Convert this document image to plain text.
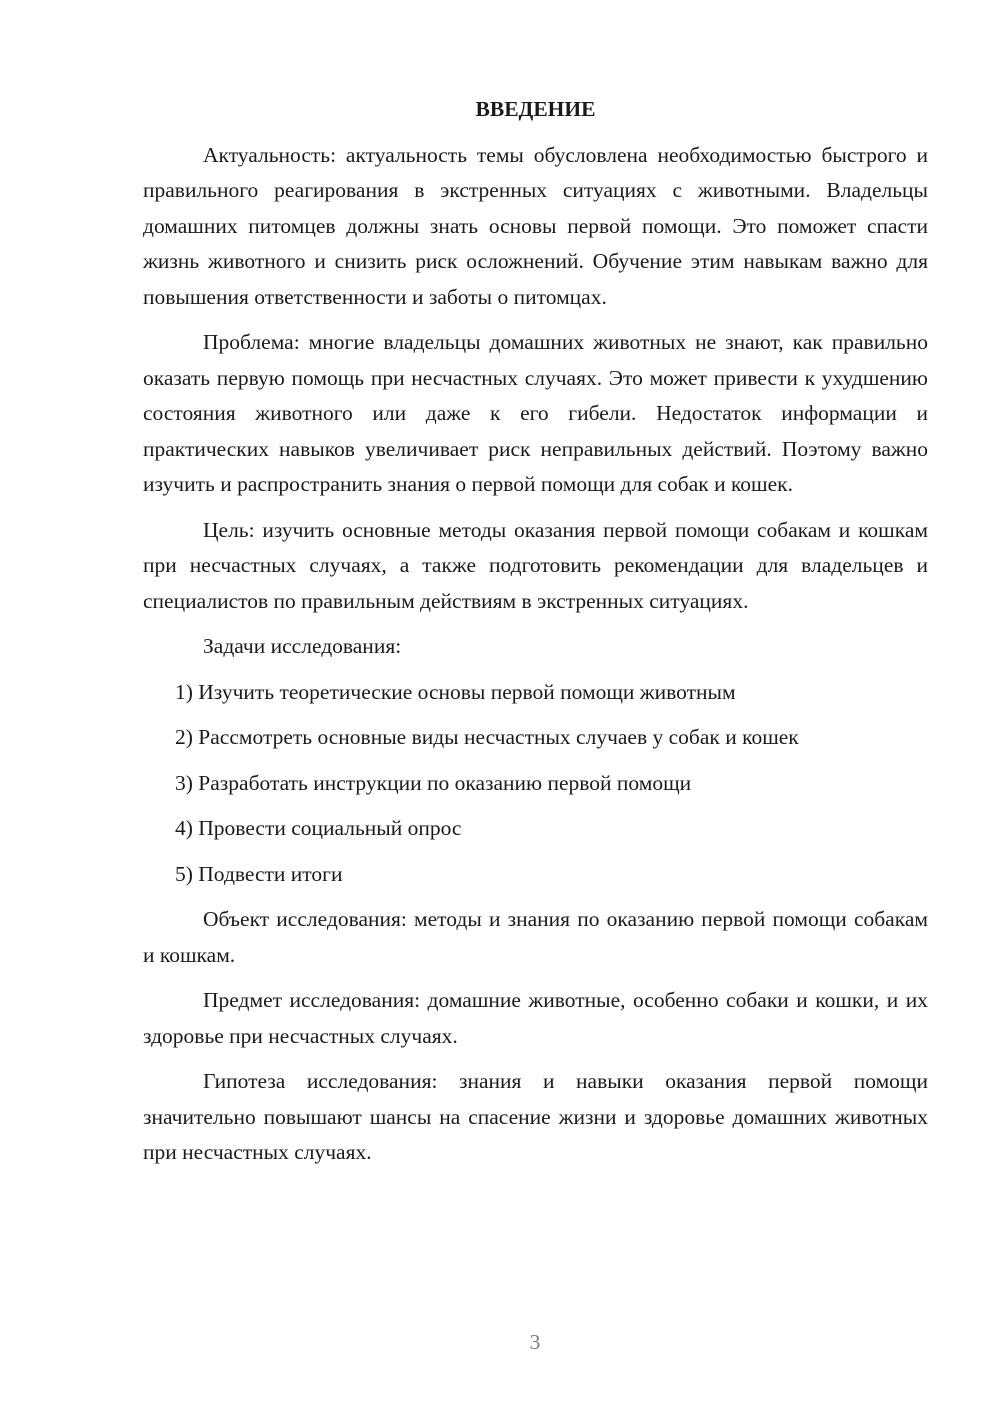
ВВЕДЕНИЕ

Актуальность: актуальность темы обусловлена необходимостью быстрого и правильного реагирования в экстренных ситуациях с животными. Владельцы домашних питомцев должны знать основы первой помощи. Это поможет спасти жизнь животного и снизить риск осложнений. Обучение этим навыкам важно для повышения ответственности и заботы о питомцах.

Проблема: многие владельцы домашних животных не знают, как правильно оказать первую помощь при несчастных случаях. Это может привести к ухудшению состояния животного или даже к его гибели. Недостаток информации и практических навыков увеличивает риск неправильных действий. Поэтому важно изучить и распространить знания о первой помощи для собак и кошек.

Цель: изучить основные методы оказания первой помощи собакам и кошкам при несчастных случаях, а также подготовить рекомендации для владельцев и специалистов по правильным действиям в экстренных ситуациях.

Задачи исследования:

1) Изучить теоретические основы первой помощи животным
2) Рассмотреть основные виды несчастных случаев у собак и кошек
3) Разработать инструкции по оказанию первой помощи
4) Провести социальный опрос
5) Подвести итоги

Объект исследования: методы и знания по оказанию первой помощи собакам и кошкам.

Предмет исследования: домашние животные, особенно собаки и кошки, и их здоровье при несчастных случаях.

Гипотеза исследования: знания и навыки оказания первой помощи значительно повышают шансы на спасение жизни и здоровье домашних животных при несчастных случаях.

3
